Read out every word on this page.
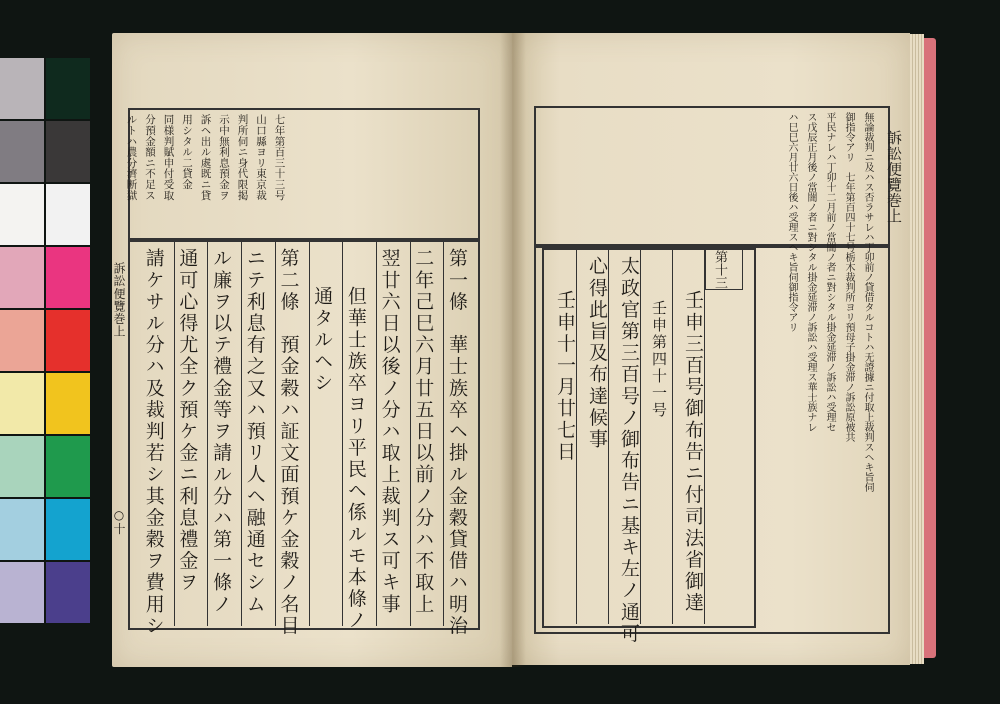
訴訟便覽巻上
○十
第十三
訴訟便覽巻上
七年第百三十三号
山口縣ヨリ東京裁
判所伺ニ身代限掲
示中無利息預金ヲ
訴ヘ出ル處既ニ貸
用シタル二貸金
同様判賦申付受取
分預金額ニ不足ス
ルトハ農分濟断獄
第一條　華士族卒ヘ掛ル金穀貸借ハ明治
二年己巳六月廿五日以前ノ分ハ不取上
翌廿六日以後ノ分ハ取上裁判ス可キ事
但華士族卒ヨリ平民ヘ係ルモ本條ノ
通タルヘシ
第二條　預金穀ハ証文面預ケ金穀ノ名目
ニテ利息有之又ハ預リ人ヘ融通セシム
ル廉ヲ以テ禮金等ヲ請ル分ハ第一條ノ
通可心得尤全ク預ケ金ニ利息禮金ヲ
請ケサル分ハ及裁判若シ其金穀ヲ費用シ	無論裁判ニ及ハス否ラサレハ丁卯前ノ貸借タルコトハ无證據ニ付取上裁判スヘキ旨伺
御指令アリ　七年第百四十七号栃木裁判所ヨリ預母子掛金滞ノ訴訟原被共
平民ナレハ丁卯十二月前ノ當闇ノ者ニ對シタル掛金延滞ノ訴訟ハ受理セ
ス戊辰正月後ノ當闇ノ者ニ對シタル掛金延滞ノ訴訟ハ受理ス華士族ナレ
ハ巳巳六月廿六日後ハ受理スヘキ旨伺御指令アリ
壬申三百号御布告ニ付司法省御達
壬申第四十一号
太政官第三百号ノ御布告ニ基キ左ノ通可
心得此旨及布達候事
壬申十一月廿七日
